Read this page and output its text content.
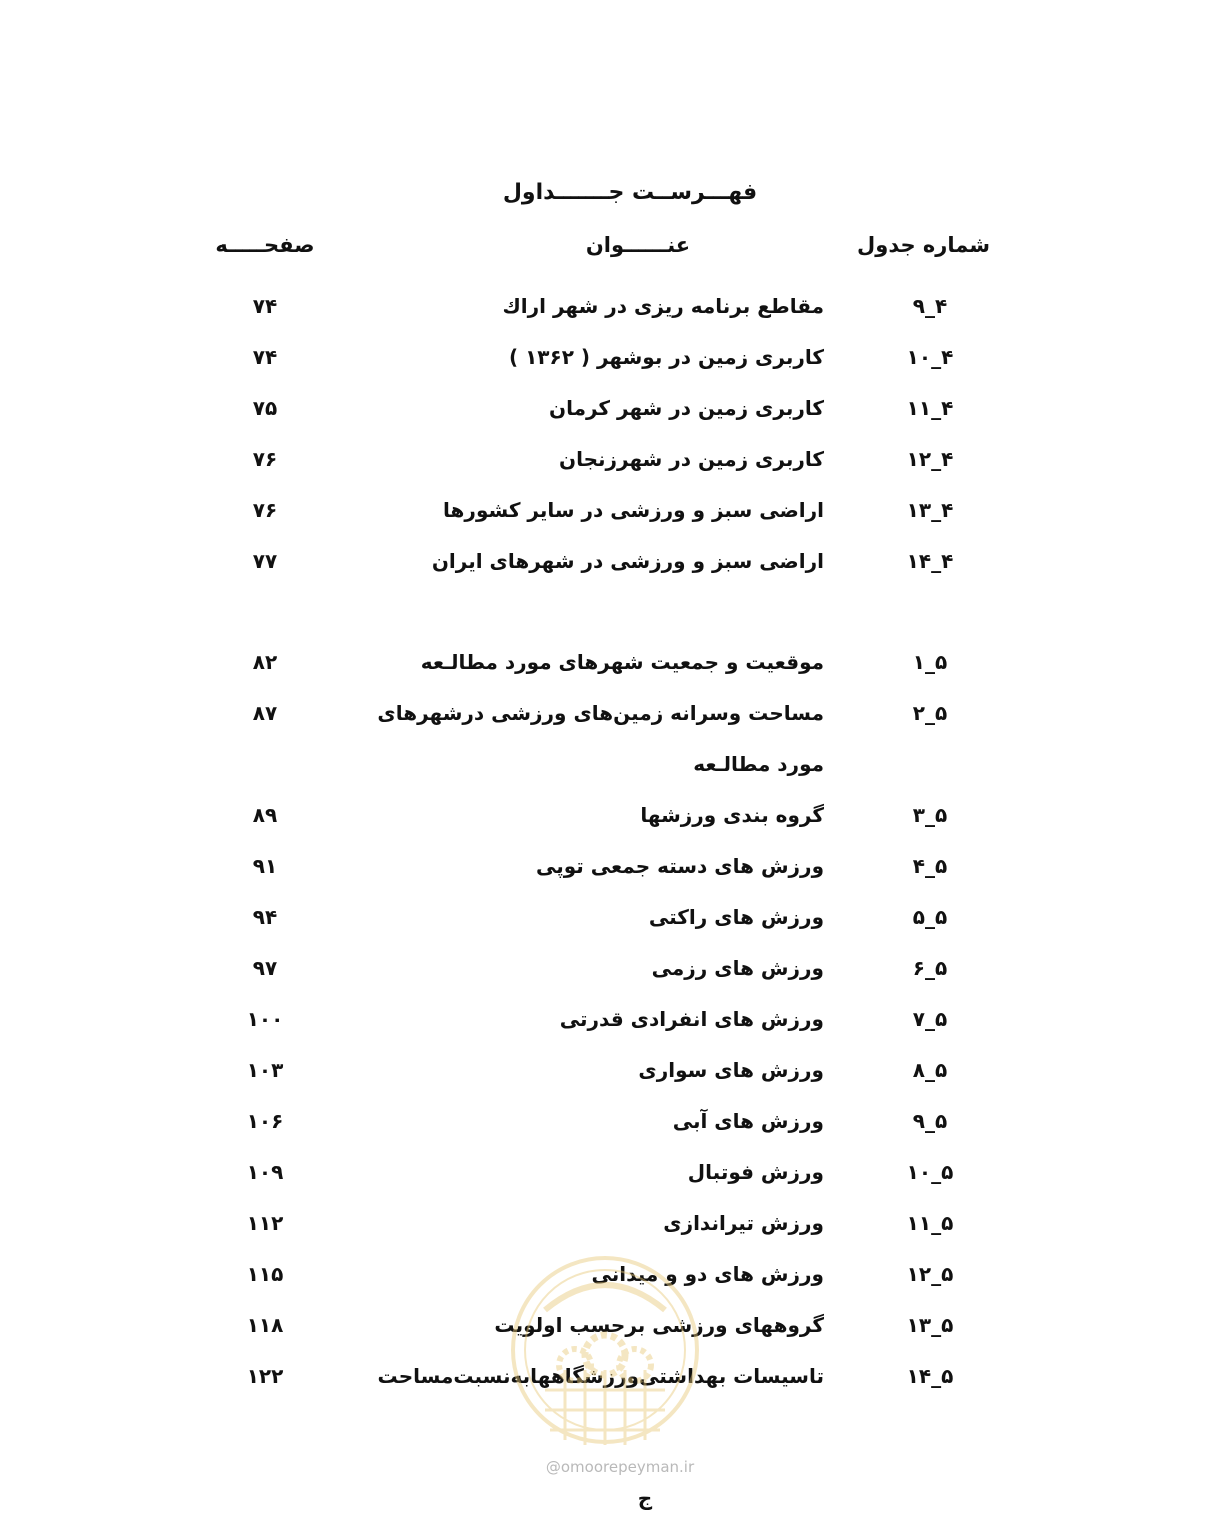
فهـــرســت جـــــــداول
شماره جدول
عنــــــوان
صفحـــــه
۴_۹
مقاطع برنامه ریزی در شهر اراك
۷۴
۴_۱۰
کاربری زمین در بوشهر ( ۱۳۶۲ )
۷۴
۴_۱۱
کاربری زمین در شهر کرمان
۷۵
۴_۱۲
کاربری زمین در شهرزنجان
۷۶
۴_۱۳
اراضی سبز و ورزشی در سایر کشورها
۷۶
۴_۱۴
اراضی سبز و ورزشی در شهرهای ایران
۷۷
۵_۱
موقعیت و جمعیت شهرهای مورد مطالـعه
۸۲
۵_۲
مساحت وسرانه زمین‌های ورزشی درشهرهای
۸۷
مورد مطالـعه
۵_۳
گروه بندی ورزشها
۸۹
۵_۴
ورزش های دسته جمعی توپی
۹۱
۵_۵
ورزش های راکتی
۹۴
۵_۶
ورزش های رزمی
۹۷
۵_۷
ورزش های انفرادی قدرتی
۱۰۰
۵_۸
ورزش های سواری
۱۰۳
۵_۹
ورزش های آبی
۱۰۶
۵_۱۰
ورزش فوتبال
۱۰۹
۵_۱۱
ورزش تیراندازی
۱۱۲
۵_۱۲
ورزش های دو و میدانی
۱۱۵
۵_۱۳
گروههای ورزشی برحسب اولویت
۱۱۸
۵_۱۴
تاسیسات بهداشتی‌ورزشگاههابه‌نسبت‌مساحت
۱۲۲
@omoorepeyman.ir
ج
